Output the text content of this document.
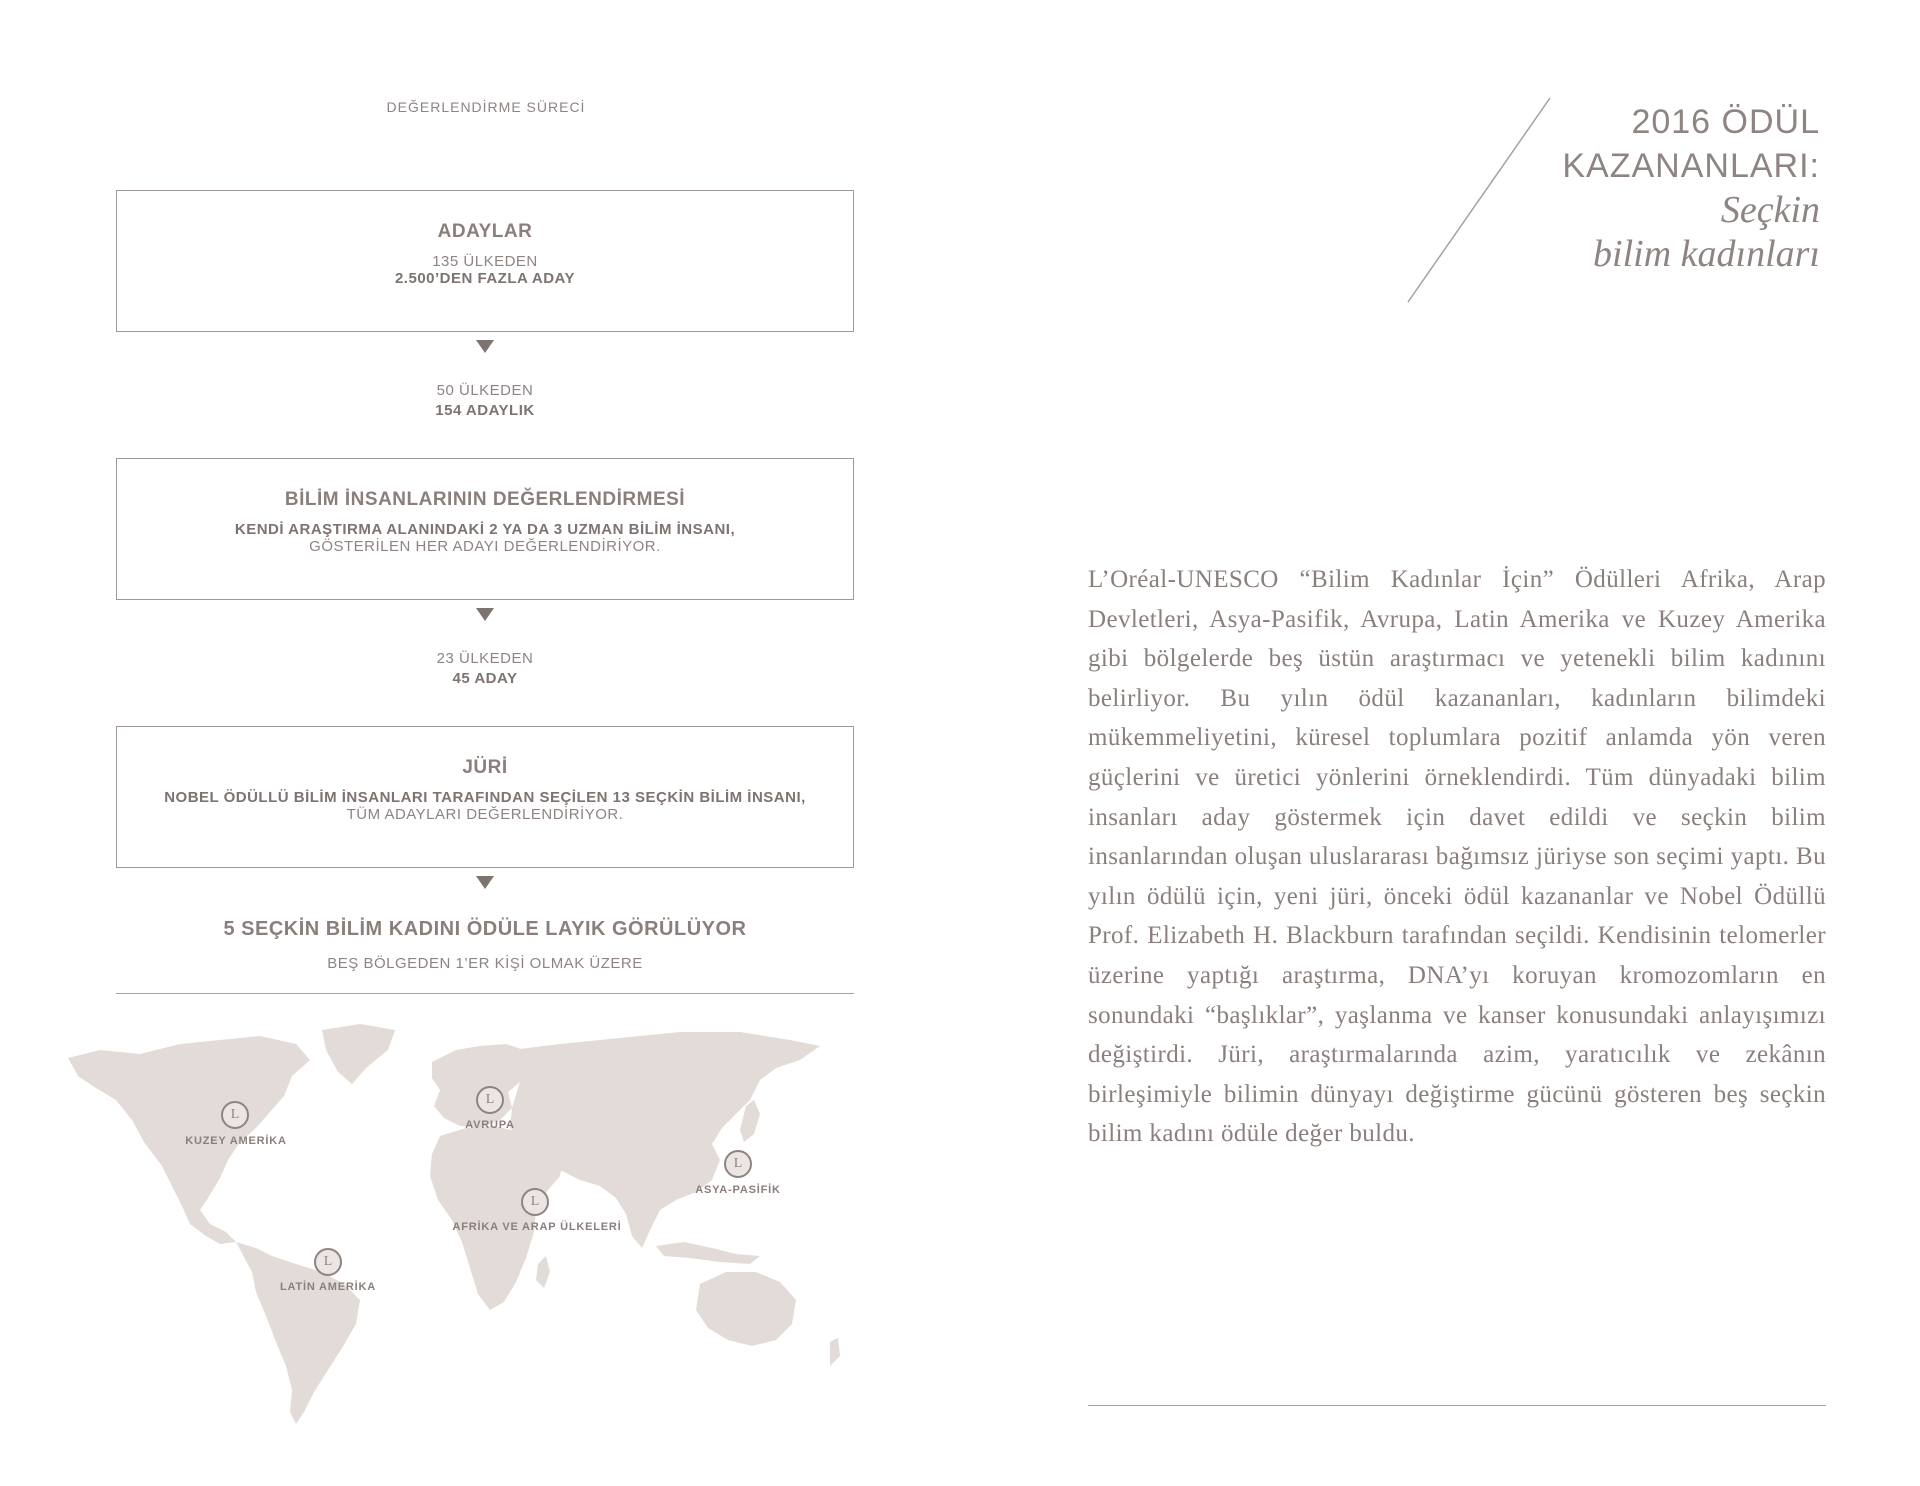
DEĞERLENDİRME SÜRECİ
ADAYLAR
135 ÜLKEDEN
2.500’DEN FAZLA ADAY
50 ÜLKEDEN
154 ADAYLIK
BİLİM İNSANLARININ DEĞERLENDİRMESİ
KENDİ ARAŞTIRMA ALANINDAKİ 2 YA DA 3 UZMAN BİLİM İNSANI,
GÖSTERİLEN HER ADAYI DEĞERLENDİRİYOR.
23 ÜLKEDEN
45 ADAY
JÜRİ
NOBEL ÖDÜLLÜ BİLİM İNSANLARI TARAFINDAN SEÇİLEN 13 SEÇKİN BİLİM İNSANI,
TÜM ADAYLARI DEĞERLENDİRİYOR.
5 SEÇKİN BİLİM KADINI ÖDÜLE LAYIK GÖRÜLÜYOR
BEŞ BÖLGEDEN 1’ER KİŞİ OLMAK ÜZERE
L
KUZEY AMERİKA
L
AVRUPA
L
ASYA-PASİFİK
L
AFRİKA VE ARAP ÜLKELERİ
L
LATİN AMERİKA
2016 ÖDÜL
KAZANANLARI:
Seçkin
bilim kadınları
L’Oréal-UNESCO “Bilim Kadınlar İçin” Ödülleri Afrika, Arap Devletleri, Asya-Pasifik, Avrupa, Latin Amerika ve Kuzey Amerika gibi bölgelerde beş üstün araştırmacı ve yetenekli bilim kadınını belirliyor. Bu yılın ödül kazananları, kadınların bilimdeki mükemmeliyetini, küresel toplumlara pozitif anlamda yön veren güçlerini ve üretici yönlerini örneklendirdi. Tüm dünyadaki bilim insanları aday göstermek için davet edildi ve seçkin bilim insanlarından oluşan uluslararası bağımsız jüriyse son seçimi yaptı. Bu yılın ödülü için, yeni jüri, önceki ödül kazananlar ve Nobel Ödüllü Prof. Elizabeth H. Blackburn tarafından seçildi. Kendisinin telomerler üzerine yaptığı araştırma, DNA’yı koruyan kromozomların en sonundaki “başlıklar”, yaşlanma ve kanser konusundaki anlayışımızı değiştirdi. Jüri, araştırmalarında azim, yaratıcılık ve zekânın birleşimiyle bilimin dünyayı değiştirme gücünü gösteren beş seçkin bilim kadını ödüle değer buldu.
